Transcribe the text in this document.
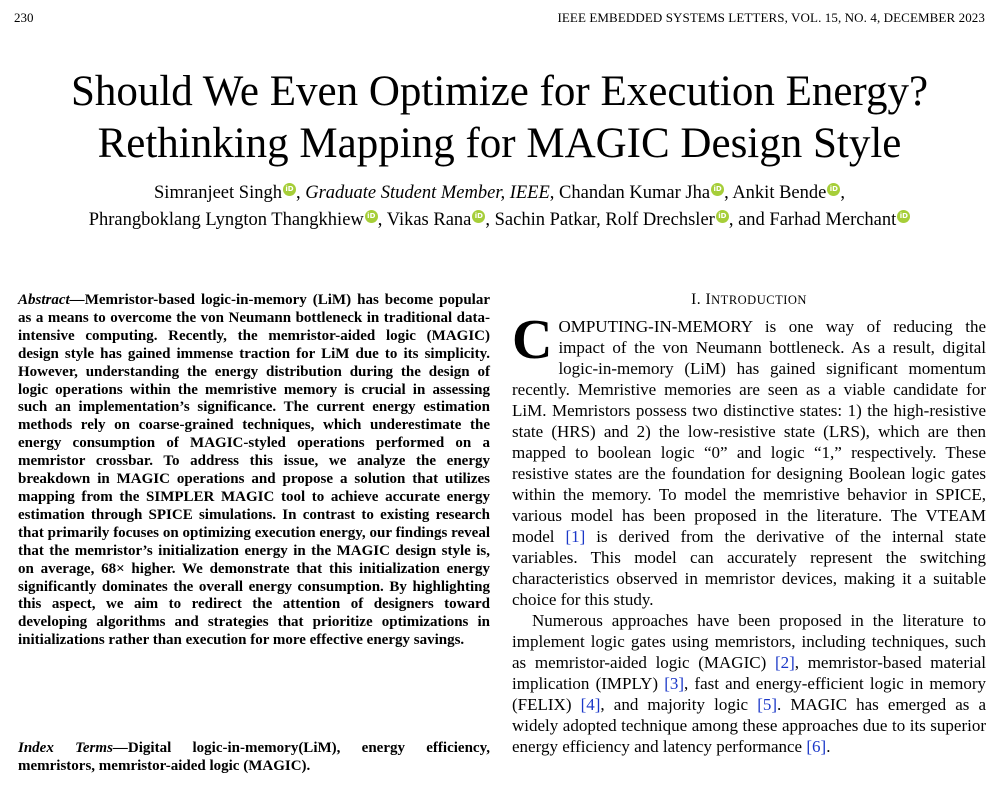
230	IEEE EMBEDDED SYSTEMS LETTERS, VOL. 15, NO. 4, DECEMBER 2023
Should We Even Optimize for Execution Energy?
Rethinking Mapping for MAGIC Design Style
Simranjeet Singh iD , Graduate Student Member, IEEE, Chandan Kumar Jha iD , Ankit Bende iD ,
Phrangboklang Lyngton Thangkhiew iD , Vikas Rana iD , Sachin Patkar, Rolf Drechsler iD , and Farhad Merchant iD
Abstract—Memristor-based logic-in-memory (LiM) has become popular as a means to overcome the von Neumann bottleneck in traditional data-intensive computing. Recently, the memristor-aided logic (MAGIC) design style has gained immense traction for LiM due to its simplicity. However, understanding the energy distribution during the design of logic operations within the memristive memory is crucial in assessing such an implementation’s significance. The current energy estimation methods rely on coarse-grained techniques, which underestimate the energy consumption of MAGIC-styled operations performed on a memristor crossbar. To address this issue, we analyze the energy breakdown in MAGIC operations and propose a solution that utilizes mapping from the SIMPLER MAGIC tool to achieve accurate energy estimation through SPICE simulations. In contrast to existing research that primarily focuses on optimizing execution energy, our findings reveal that the memristor’s initialization energy in the MAGIC design style is, on average, 68× higher. We demonstrate that this initialization energy significantly dominates the overall energy consumption. By highlighting this aspect, we aim to redirect the attention of designers toward developing algorithms and strategies that prioritize optimizations in initializations rather than execution for more effective energy savings.
Index Terms—Digital logic-in-memory(LiM), energy efficiency, memristors, memristor-aided logic (MAGIC).
I. INTRODUCTION

COMPUTING-IN-MEMORY is one way of reducing the impact of the von Neumann bottleneck. As a result, digital logic-in-memory (LiM) has gained significant momentum recently. Memristive memories are seen as a viable candidate for LiM. Memristors possess two distinctive states: 1) the high-resistive state (HRS) and 2) the low-resistive state (LRS), which are then mapped to boolean logic “0” and logic “1,” respectively. These resistive states are the foundation for designing Boolean logic gates within the memory. To model the memristive behavior in SPICE, various model has been proposed in the literature. The VTEAM model [1] is derived from the derivative of the internal state variables. This model can accurately represent the switching characteristics observed in memristor devices, making it a suitable choice for this study.

Numerous approaches have been proposed in the literature to implement logic gates using memristors, including techniques, such as memristor-aided logic (MAGIC) [2], memristor-based material implication (IMPLY) [3], fast and energy-efficient logic in memory (FELIX) [4], and majority logic [5]. MAGIC has emerged as a widely adopted technique among these approaches due to its superior energy efficiency and latency performance [6].
